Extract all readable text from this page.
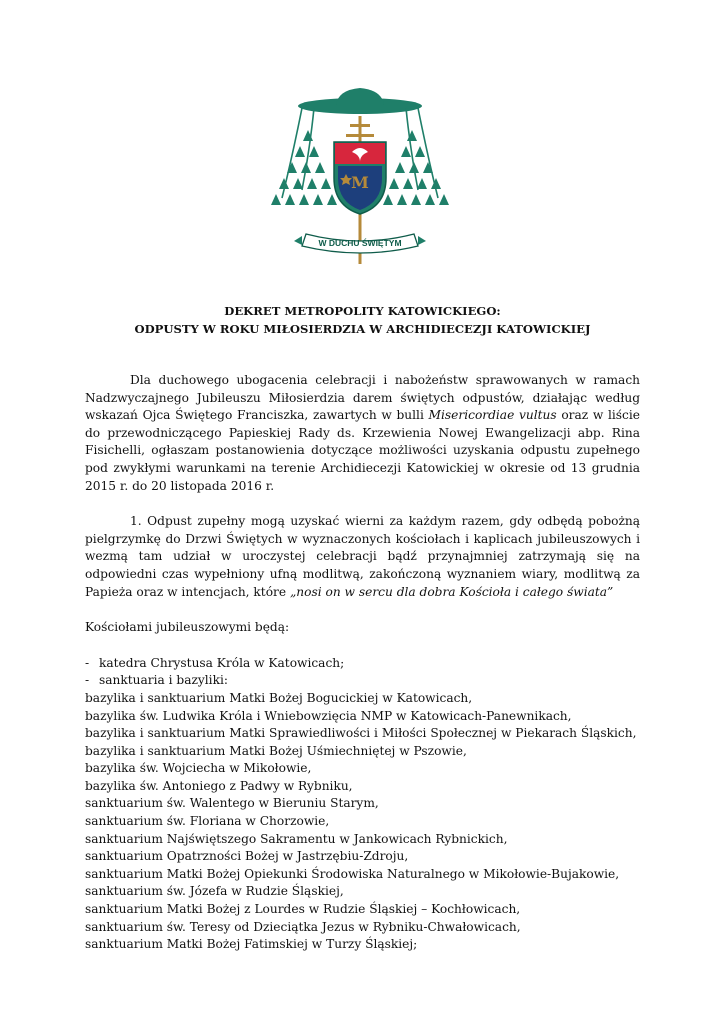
M
W DUCHU ŚWIĘTYM
DEKRET METROPOLITY KATOWICKIEGO:
ODPUSTY W ROKU MIŁOSIERDZIA W ARCHIDIECEZJI KATOWICKIEJ

Dla duchowego ubogacenia celebracji i nabożeństw sprawowanych w ramach Nadzwyczajnego Jubileuszu Miłosierdzia darem świętych odpustów, działając według wskazań Ojca Świętego Franciszka, zawartych w bulli Misericordiae vultus oraz w liście do przewodniczącego Papieskiej Rady ds. Krzewienia Nowej Ewangelizacji abp. Rina Fisichelli, ogłaszam postanowienia dotyczące możliwości uzyskania odpustu zupełnego pod zwykłymi warunkami na terenie Archidiecezji Katowickiej w okresie od 13 grudnia 2015 r. do 20 listopada 2016 r.

1. Odpust zupełny mogą uzyskać wierni za każdym razem, gdy odbędą pobożną pielgrzymkę do Drzwi Świętych w wyznaczonych kościołach i kaplicach jubileuszowych i wezmą tam udział w uroczystej celebracji bądź przynajmniej zatrzymają się na odpowiedni czas wypełniony ufną modlitwą, zakończoną wyznaniem wiary, modlitwą za Papieża oraz w intencjach, które „nosi on w sercu dla dobra Kościoła i całego świata”

Kościołami jubileuszowymi będą:

- katedra Chrystusa Króla w Katowicach;

- sanktuaria i bazyliki:

bazylika i sanktuarium Matki Bożej Bogucickiej w Katowicach,

bazylika św. Ludwika Króla i Wniebowzięcia NMP w Katowicach-Panewnikach,

bazylika i sanktuarium Matki Sprawiedliwości i Miłości Społecznej w Piekarach Śląskich,

bazylika i sanktuarium Matki Bożej Uśmiechniętej w Pszowie,

bazylika św. Wojciecha w Mikołowie,

bazylika św. Antoniego z Padwy w Rybniku,

sanktuarium św. Walentego w Bieruniu Starym,

sanktuarium św. Floriana w Chorzowie,

sanktuarium Najświętszego Sakramentu w Jankowicach Rybnickich,

sanktuarium Opatrzności Bożej w Jastrzębiu-Zdroju,

sanktuarium Matki Bożej Opiekunki Środowiska Naturalnego w Mikołowie-Bujakowie,

sanktuarium św. Józefa w Rudzie Śląskiej,

sanktuarium Matki Bożej z Lourdes w Rudzie Śląskiej – Kochłowicach,

sanktuarium św. Teresy od Dzieciątka Jezus w Rybniku-Chwałowicach,

sanktuarium Matki Bożej Fatimskiej w Turzy Śląskiej;
